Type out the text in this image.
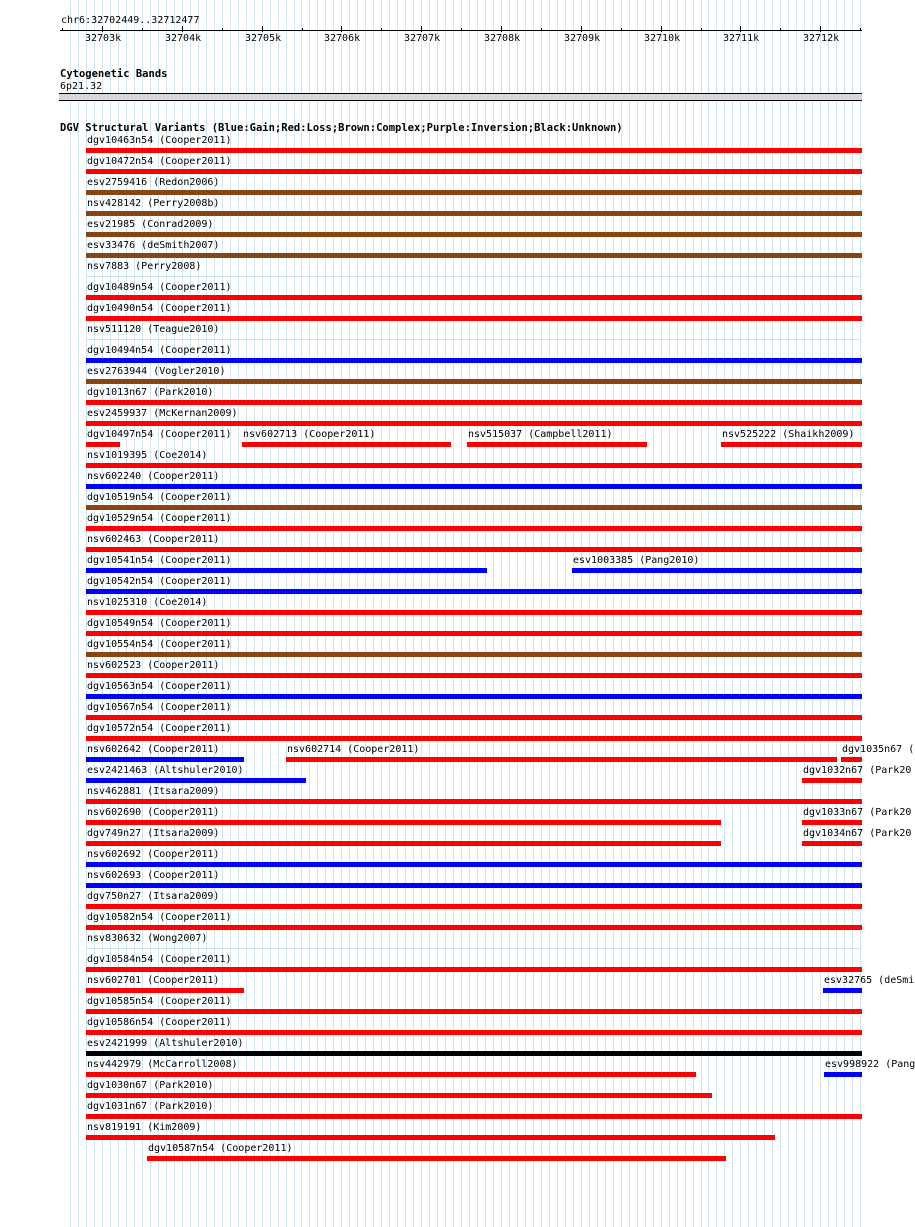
chr6:32702449..32712477
32703k	32704k	32705k	32706k	32707k	32708k	32709k	32710k	32711k	32712k
Cytogenetic Bands
6p21.32
DGV Structural Variants (Blue:Gain;Red:Loss;Brown:Complex;Purple:Inversion;Black:Unknown)
dgv10463n54 (Cooper2011)
dgv10472n54 (Cooper2011)
esv2759416 (Redon2006)
nsv428142 (Perry2008b)
esv21985 (Conrad2009)
esv33476 (deSmith2007)
nsv7883 (Perry2008)
dgv10489n54 (Cooper2011)
dgv10490n54 (Cooper2011)
nsv511120 (Teague2010)
dgv10494n54 (Cooper2011)
esv2763944 (Vogler2010)
dgv1013n67 (Park2010)
esv2459937 (McKernan2009)
dgv10497n54 (Cooper2011) nsv602713 (Cooper2011)	nsv515037 (Campbell2011)	nsv525222 (Shaikh2009)
nsv1019395 (Coe2014)
nsv602240 (Cooper2011)
dgv10519n54 (Cooper2011)
dgv10529n54 (Cooper2011)
nsv602463 (Cooper2011)
dgv10541n54 (Cooper2011)	esv1003385 (Pang2010)
dgv10542n54 (Cooper2011)
nsv1025310 (Coe2014)
dgv10549n54 (Cooper2011)
dgv10554n54 (Cooper2011)
nsv602523 (Cooper2011)
dgv10563n54 (Cooper2011)
dgv10567n54 (Cooper2011)
dgv10572n54 (Cooper2011)
nsv602642 (Cooper2011)	nsv602714 (Cooper2011)	dgv1035n67 (
esv2421463 (Altshuler2010)	dgv1032n67 (Park20
nsv462881 (Itsara2009)
nsv602690 (Cooper2011)	dgv1033n67 (Park20
dgv749n27 (Itsara2009)	dgv1034n67 (Park20
nsv602692 (Cooper2011)
nsv602693 (Cooper2011)
dgv750n27 (Itsara2009)
dgv10582n54 (Cooper2011)
nsv830632 (Wong2007)
dgv10584n54 (Cooper2011)
nsv602701 (Cooper2011)	esv32765 (deSmi
dgv10585n54 (Cooper2011)
dgv10586n54 (Cooper2011)
esv2421999 (Altshuler2010)
nsv442979 (McCarroll2008)	esv998922 (Pang
dgv1030n67 (Park2010)
dgv1031n67 (Park2010)
nsv819191 (Kim2009)
dgv10587n54 (Cooper2011)
